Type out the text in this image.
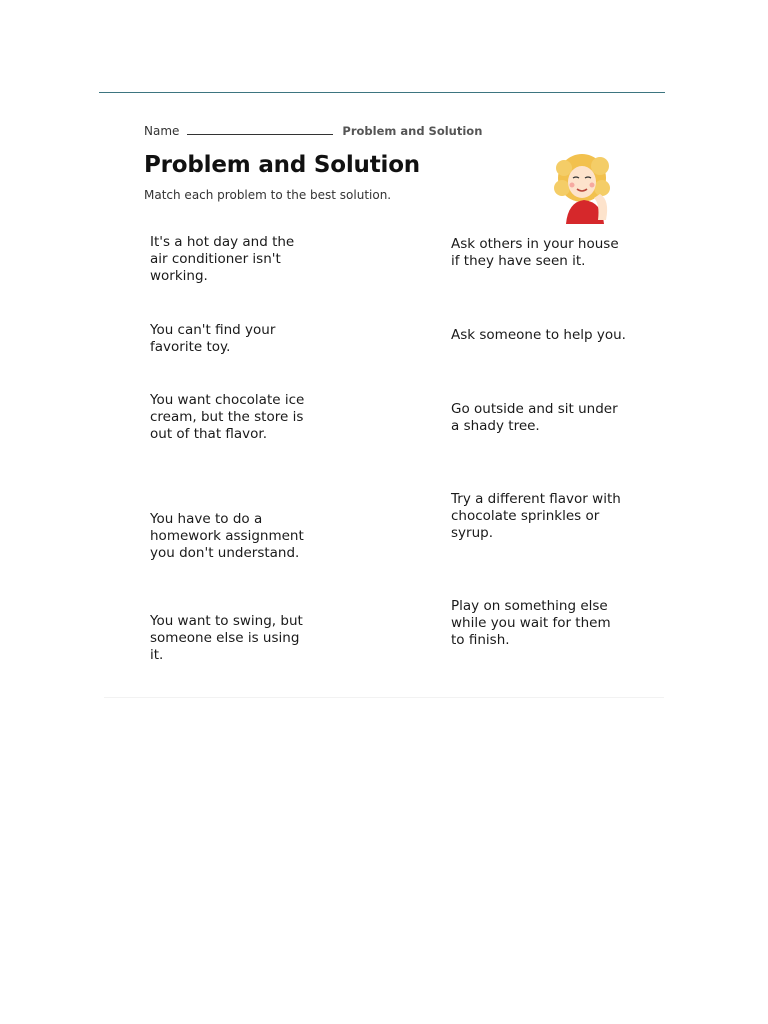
Name	Problem and Solution
Problem and Solution
Match each problem to the best solution.
It's a hot day and the air conditioner isn't working.
You can't find your favorite toy.
You want chocolate ice cream, but the store is out of that flavor.
You have to do a homework assignment you don't understand.
You want to swing, but someone else is using it.
Ask others in your house if they have seen it.
Ask someone to help you.
Go outside and sit under a shady tree.
Try a different flavor with chocolate sprinkles or syrup.
Play on something else while you wait for them to finish.
